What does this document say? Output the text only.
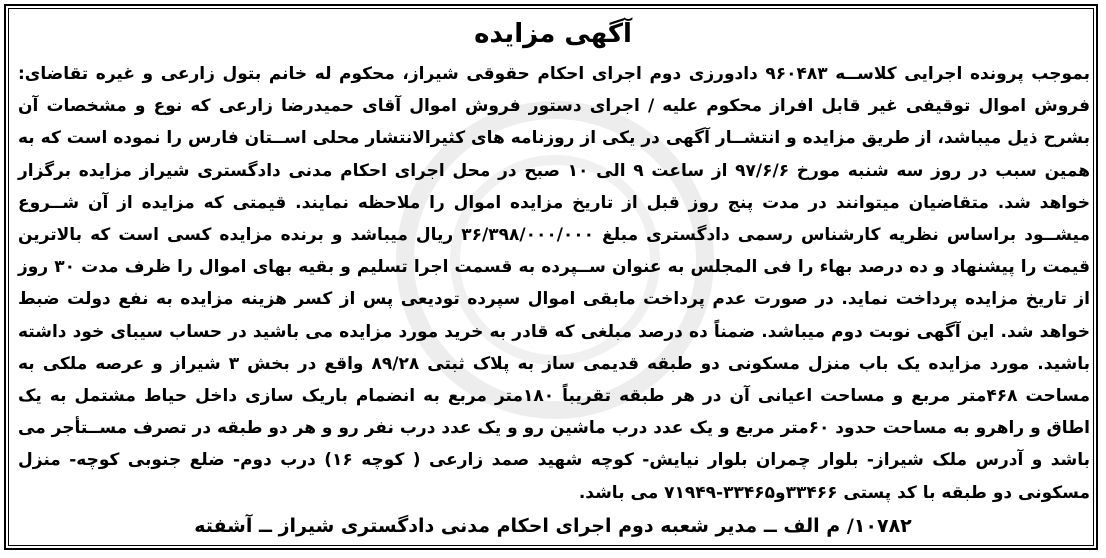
آگهی مزایده
بموجب پرونده اجرایی کلاســه ۹۶۰۴۸۳ دادورزی دوم اجرای احکام حقوقی شیراز، محکوم له خانم بتول زارعی و غیره تقاضای: فروش اموال توقیفی غیر قابل افراز محکوم علیه / اجرای دستور فروش اموال آقای حمیدرضا زارعی که نوع و مشخصات آن بشرح ذیل میباشد، از طریق مزایده و انتشــار آگهی در یکی از روزنامه های کثیرالانتشار محلی اســتان فارس را نموده است که به همین سبب در روز سه شنبه مورخ ۹۷/۶/۶ از ساعت ۹ الی ۱۰ صبح در محل اجرای احکام مدنی دادگستری شیراز مزایده برگزار خواهد شد. متقاضیان میتوانند در مدت پنج روز قبل از تاریخ مزایده اموال را ملاحظه نمایند. قیمتی که مزایده از آن شــروع میشــود براساس نظریه کارشناس رسمی دادگستری مبلغ ۳۶/۳۹۸/۰۰۰/۰۰۰ ریال میباشد و برنده مزایده کسی است که بالاترین قیمت را پیشنهاد و ده درصد بهاء را فی المجلس به عنوان ســپرده به قسمت اجرا تسلیم و بقیه بهای اموال را ظرف مدت ۳۰ روز از تاریخ مزایده پرداخت نماید. در صورت عدم پرداخت مابقی اموال سپرده تودیعی پس از کسر هزینه مزایده به نفع دولت ضبط خواهد شد. این آگهی نوبت دوم میباشد. ضمناً ده درصد مبلغی که قادر به خرید مورد مزایده می باشید در حساب سیبای خود داشته باشید. مورد مزایده یک باب منزل مسکونی دو طبقه قدیمی ساز به پلاک ثبتی ۸۹/۲۸ واقع در بخش ۳ شیراز و عرصه ملکی به مساحت ۴۶۸متر مربع و مساحت اعیانی آن در هر طبقه تقریباً ۱۸۰متر مربع به انضمام باریک سازی داخل حیاط مشتمل به یک اطاق و راهرو به مساحت حدود ۶۰متر مربع و یک عدد درب ماشین رو و یک عدد درب نفر رو و هر دو طبقه در تصرف مســتأجر می باشد و آدرس ملک شیراز- بلوار چمران بلوار نیایش- کوچه شهید صمد زارعی ( کوچه ۱۶) درب دوم- ضلع جنوبی کوچه- منزل مسکونی دو طبقه با کد پستی ۳۳۴۶۶و۳۳۴۶۵-۷۱۹۴۹ می باشد.
۱۰۷۸۲/ م الف ــ مدیر شعبه دوم اجرای احکام مدنی دادگستری شیراز ــ آشفته
